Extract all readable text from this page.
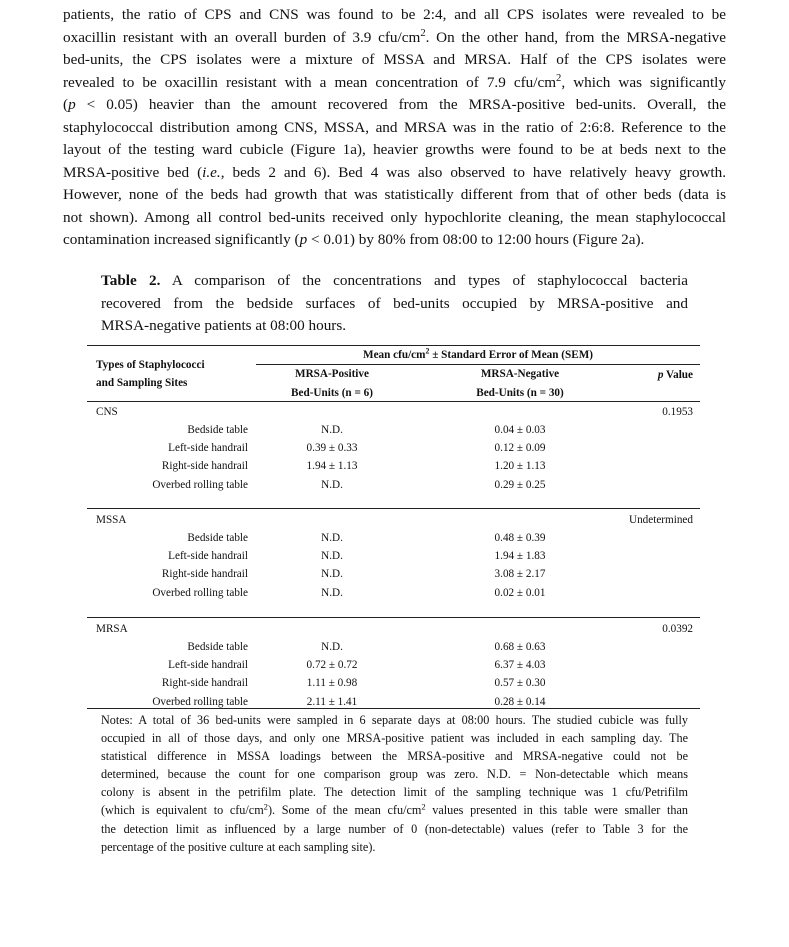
patients, the ratio of CPS and CNS was found to be 2:4, and all CPS isolates were revealed to be
oxacillin resistant with an overall burden of 3.9 cfu/$cm^2$. On the other hand, from the MRSA-negative
bed-units, the CPS isolates were a mixture of MSSA and MRSA. Half of the CPS isolates were
revealed to be oxacillin resistant with a mean concentration of 7.9 cfu/$cm^2$, which was significantly
(p < 0.05) heavier than the amount recovered from the MRSA-positive bed-units. Overall, the
staphylococcal distribution among CNS, MSSA, and MRSA was in the ratio of 2:6:8. Reference to the
layout of the testing ward cubicle (Figure 1a), heavier growths were found to be at beds next to the
MRSA-positive bed (i.e., beds 2 and 6). Bed 4 was also observed to have relatively heavy growth.
However, none of the beds had growth that was statistically different from that of other beds (data is
not shown). Among all control bed-units received only hypochlorite cleaning, the mean staphylococcal
contamination increased significantly (p < 0.01) by 80% from 08:00 to 12:00 hours (Figure 2a).
Table 2. A comparison of the concentrations and types of staphylococcal bacteria
recovered from the bedside surfaces of bed-units occupied by MRSA-positive and
MRSA-negative patients at 08:00 hours.
Types of Staphylococci
and Sampling Sites
Mean cfu/$cm^2$ ± Standard Error of Mean (SEM)
MRSA-Positive
Bed-Units (n = 6)
MRSA-Negative
Bed-Units (n = 30)
p Value
CNS	0.1953
Bedside table	N.D.	0.04 ± 0.03
Left-side handrail	0.39 ± 0.33	0.12 ± 0.09
Right-side handrail	1.94 ± 1.13	1.20 ± 1.13
Overbed rolling table	N.D.	0.29 ± 0.25
MSSA	Undetermined
Bedside table	N.D.	0.48 ± 0.39
Left-side handrail	N.D.	1.94 ± 1.83
Right-side handrail	N.D.	3.08 ± 2.17
Overbed rolling table	N.D.	0.02 ± 0.01
MRSA	0.0392
Bedside table	N.D.	0.68 ± 0.63
Left-side handrail	0.72 ± 0.72	6.37 ± 4.03
Right-side handrail	1.11 ± 0.98	0.57 ± 0.30
Overbed rolling table	2.11 ± 1.41	0.28 ± 0.14
Notes: A total of 36 bed-units were sampled in 6 separate days at 08:00 hours. The studied cubicle was fully
occupied in all of those days, and only one MRSA-positive patient was included in each sampling day. The
statistical difference in MSSA loadings between the MRSA-positive and MRSA-negative could not be
determined, because the count for one comparison group was zero. N.D. = Non-detectable which means
colony is absent in the petrifilm plate. The detection limit of the sampling technique was 1 cfu/Petrifilm
(which is equivalent to cfu/$cm^2$). Some of the mean cfu/$cm^2$ values presented in this table were smaller than
the detection limit as influenced by a large number of 0 (non-detectable) values (refer to Table 3 for the
percentage of the positive culture at each sampling site).
